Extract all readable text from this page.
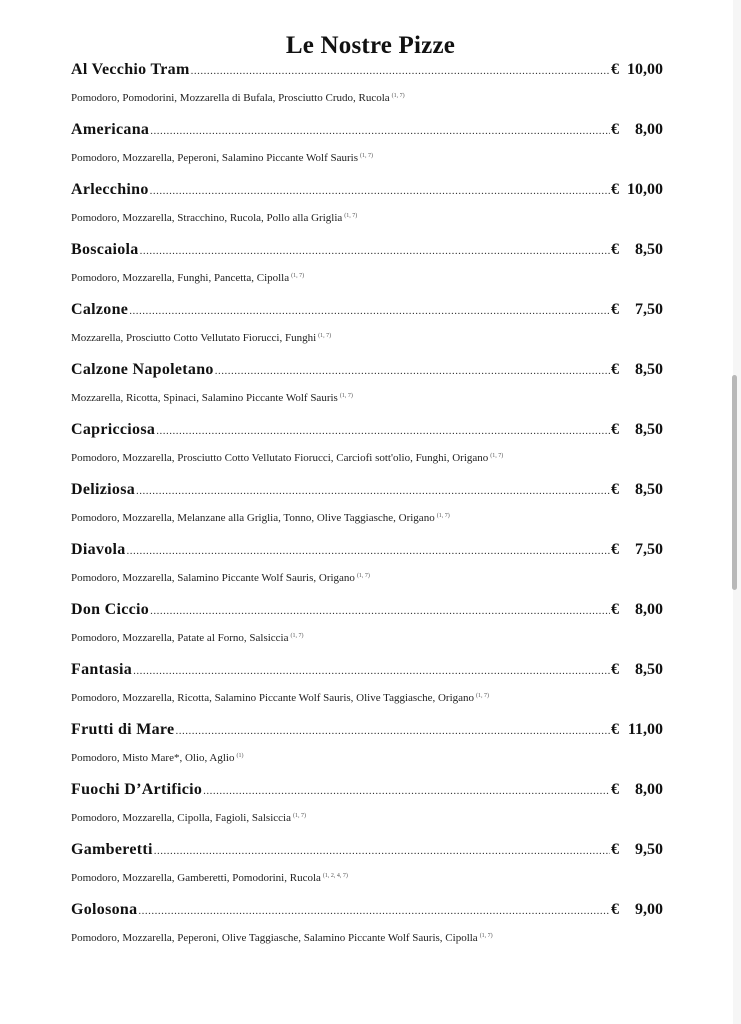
Le Nostre Pizze
Al Vecchio Tram .....	€ 10,00
Pomodoro, Pomodorini, Mozzarella di Bufala, Prosciutto Crudo, Rucola $^{(1, 7)}$
Americana .....	€	8,00
Pomodoro, Mozzarella, Peperoni, Salamino Piccante Wolf Sauris $^{(1, 7)}$
Arlecchino .....	€ 10,00
Pomodoro, Mozzarella, Stracchino, Rucola, Pollo alla Griglia $^{(1, 7)}$
Boscaiola .....	€	8,50
Pomodoro, Mozzarella, Funghi, Pancetta, Cipolla $^{(1, 7)}$
Calzone .....	€	7,50
Mozzarella, Prosciutto Cotto Vellutato Fiorucci, Funghi $^{(1, 7)}$
Calzone Napoletano .....	€	8,50
Mozzarella, Ricotta, Spinaci, Salamino Piccante Wolf Sauris $^{(1, 7)}$
Capricciosa .....	€	8,50
Pomodoro, Mozzarella, Prosciutto Cotto Vellutato Fiorucci, Carciofi sott'olio, Funghi, Origano $^{(1, 7)}$
Deliziosa .....	€	8,50
Pomodoro, Mozzarella, Melanzane alla Griglia, Tonno, Olive Taggiasche, Origano $^{(1, 7)}$
Diavola .....	€	7,50
Pomodoro, Mozzarella, Salamino Piccante Wolf Sauris, Origano $^{(1, 7)}$
Don Ciccio .....	€	8,00
Pomodoro, Mozzarella, Patate al Forno, Salsiccia $^{(1, 7)}$
Fantasia .....	€	8,50
Pomodoro, Mozzarella, Ricotta, Salamino Piccante Wolf Sauris, Olive Taggiasche, Origano $^{(1, 7)}$
Frutti di Mare .....	€ 11,00
Pomodoro, Misto Mare*, Olio, Aglio $^{(1)}$
Fuochi D’Artificio .....	€	8,00
Pomodoro, Mozzarella, Cipolla, Fagioli, Salsiccia $^{(1, 7)}$
Gamberetti .....	€	9,50
Pomodoro, Mozzarella, Gamberetti, Pomodorini, Rucola $^{(1, 2, 4, 7)}$
Golosona .....	€	9,00
Pomodoro, Mozzarella, Peperoni, Olive Taggiasche, Salamino Piccante Wolf Sauris, Cipolla $^{(1, 7)}$
